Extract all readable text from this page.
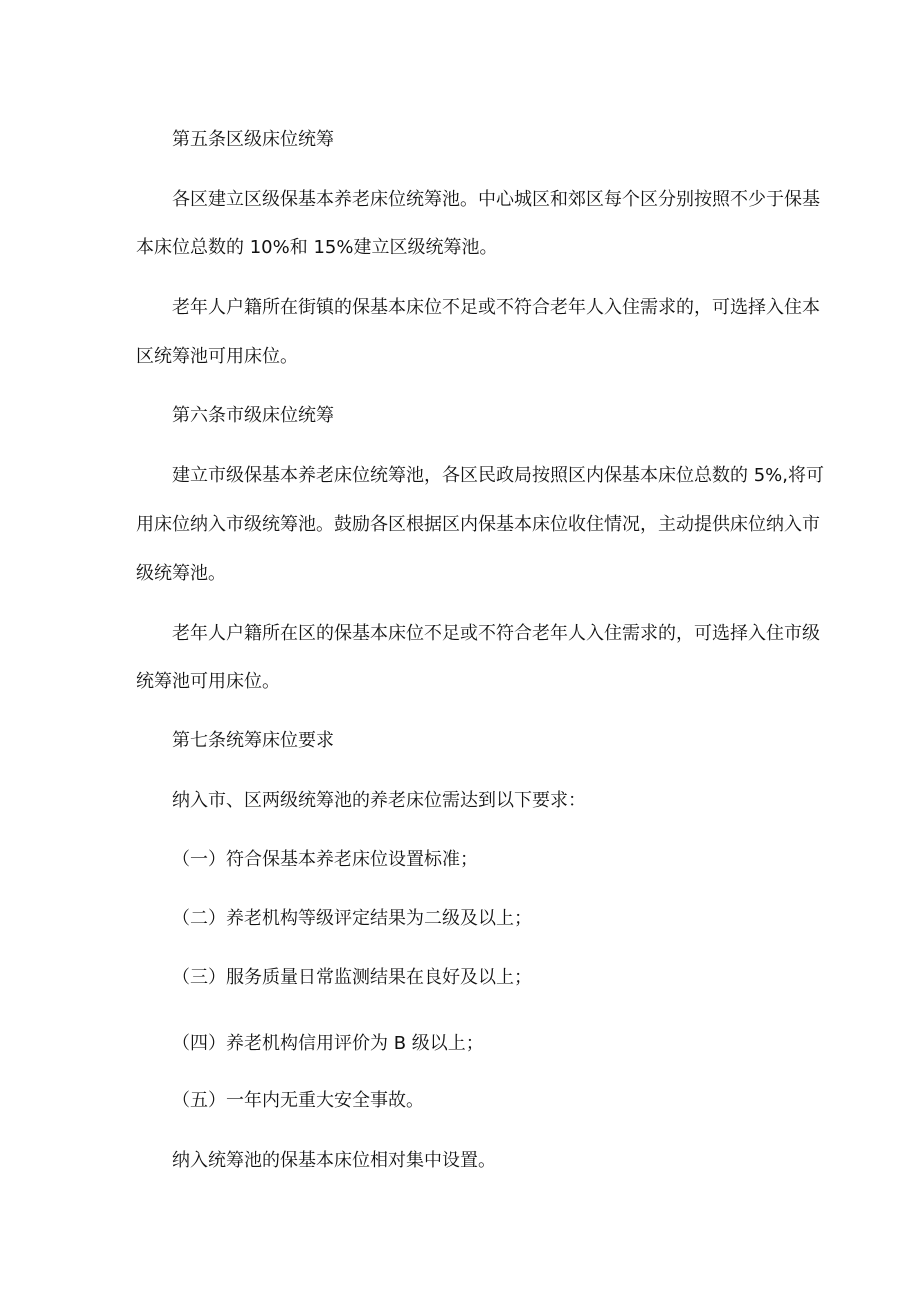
第五条区级床位统筹
各区建立区级保基本养老床位统筹池。中心城区和郊区每个区分别按照不少于保基
本床位总数的 10%和 15%建立区级统筹池。
老年人户籍所在街镇的保基本床位不足或不符合老年人入住需求的，可选择入住本
区统筹池可用床位。
第六条市级床位统筹
建立市级保基本养老床位统筹池，各区民政局按照区内保基本床位总数的 5%,将可
用床位纳入市级统筹池。鼓励各区根据区内保基本床位收住情况，主动提供床位纳入市
级统筹池。
老年人户籍所在区的保基本床位不足或不符合老年人入住需求的，可选择入住市级
统筹池可用床位。
第七条统筹床位要求
纳入市、区两级统筹池的养老床位需达到以下要求：
（一）符合保基本养老床位设置标准；
（二）养老机构等级评定结果为二级及以上；
（三）服务质量日常监测结果在良好及以上；
（四）养老机构信用评价为 B 级以上；
（五）一年内无重大安全事故。
纳入统筹池的保基本床位相对集中设置。
